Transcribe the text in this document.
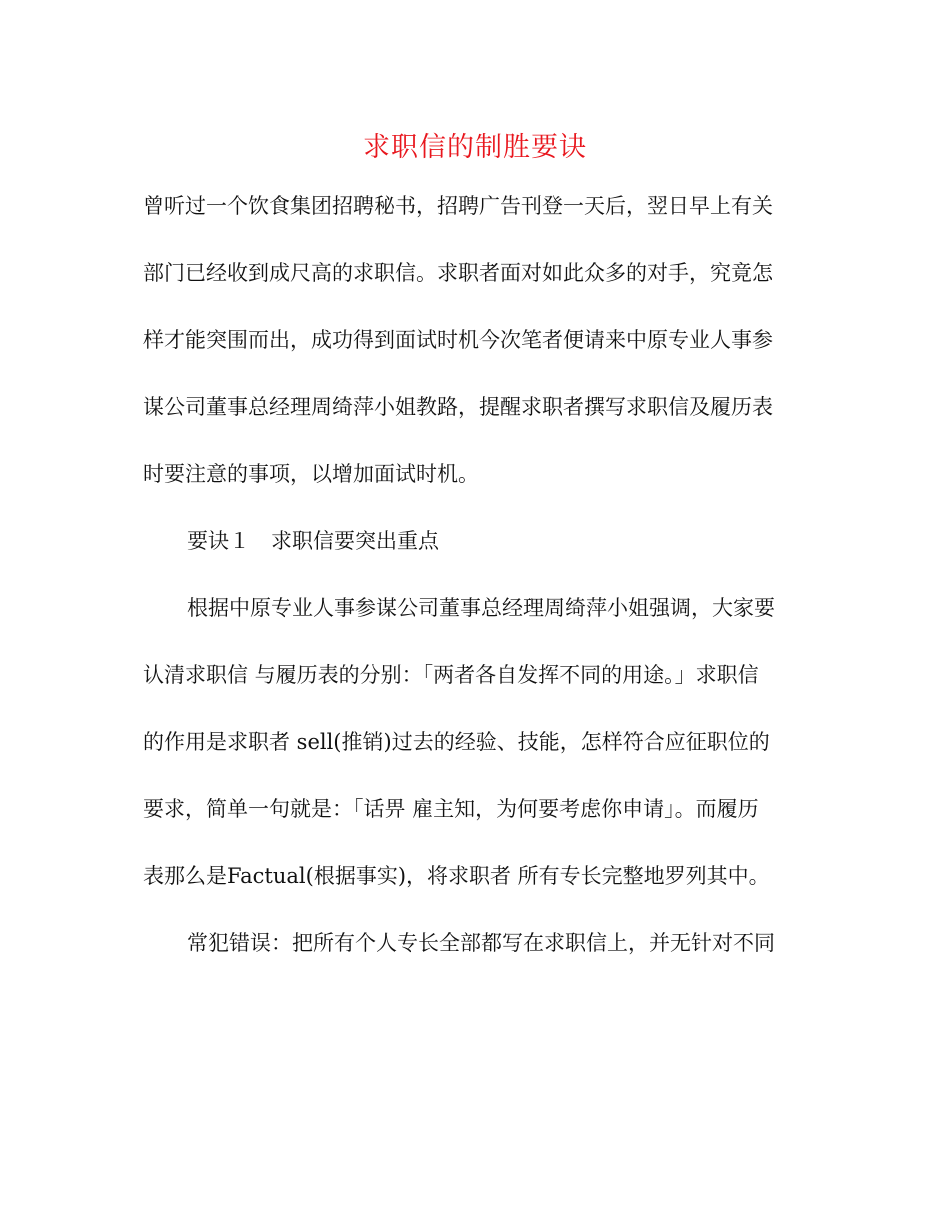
求职信的制胜要诀
曾听过一个饮食集团招聘秘书，招聘广告刊登一天后，翌日早上有关
部门已经收到成尺高的求职信。求职者面对如此众多的对手，究竟怎
样才能突围而出，成功得到面试时机今次笔者便请来中原专业人事参
谋公司董事总经理周绮萍小姐教路，提醒求职者撰写求职信及履历表
时要注意的事项，以增加面试时机。
要诀１　求职信要突出重点
根据中原专业人事参谋公司董事总经理周绮萍小姐强调，大家要
认清求职信 与履历表的分别：「两者各自发挥不同的用途。」求职信
的作用是求职者 sell(推销)过去的经验、技能，怎样符合应征职位的
要求，简单一句就是：「话畀 雇主知，为何要考虑你申请」。而履历
表那么是Factual(根据事实)，将求职者 所有专长完整地罗列其中。
常犯错误：把所有个人专长全部都写在求职信上，并无针对不同
